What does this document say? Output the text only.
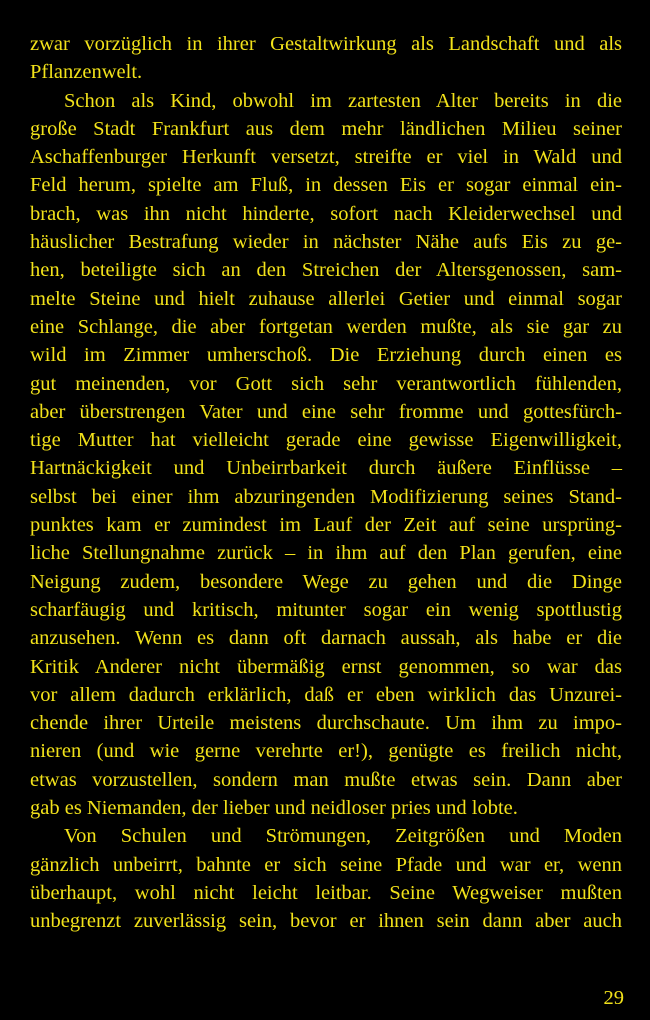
zwar vorzüglich in ihrer Gestaltwirkung als Landschaft und als
Pflanzenwelt.
Schon als Kind, obwohl im zartesten Alter bereits in die
große Stadt Frankfurt aus dem mehr ländlichen Milieu seiner
Aschaffenburger Herkunft versetzt, streifte er viel in Wald und
Feld herum, spielte am Fluß, in dessen Eis er sogar einmal ein-
brach, was ihn nicht hinderte, sofort nach Kleiderwechsel und
häuslicher Bestrafung wieder in nächster Nähe aufs Eis zu ge-
hen, beteiligte sich an den Streichen der Altersgenossen, sam-
melte Steine und hielt zuhause allerlei Getier und einmal sogar
eine Schlange, die aber fortgetan werden mußte, als sie gar zu
wild im Zimmer umherschoß. Die Erziehung durch einen es
gut meinenden, vor Gott sich sehr verantwortlich fühlenden,
aber überstrengen Vater und eine sehr fromme und gottesfürch-
tige Mutter hat vielleicht gerade eine gewisse Eigenwilligkeit,
Hartnäckigkeit und Unbeirrbarkeit durch äußere Einflüsse –
selbst bei einer ihm abzuringenden Modifizierung seines Stand-
punktes kam er zumindest im Lauf der Zeit auf seine ursprüng-
liche Stellungnahme zurück – in ihm auf den Plan gerufen, eine
Neigung zudem, besondere Wege zu gehen und die Dinge
scharfäugig und kritisch, mitunter sogar ein wenig spottlustig
anzusehen. Wenn es dann oft darnach aussah, als habe er die
Kritik Anderer nicht übermäßig ernst genommen, so war das
vor allem dadurch erklärlich, daß er eben wirklich das Unzurei-
chende ihrer Urteile meistens durchschaute. Um ihm zu impo-
nieren (und wie gerne verehrte er!), genügte es freilich nicht,
etwas vorzustellen, sondern man mußte etwas sein. Dann aber
gab es Niemanden, der lieber und neidloser pries und lobte.
Von Schulen und Strömungen, Zeitgrößen und Moden
gänzlich unbeirrt, bahnte er sich seine Pfade und war er, wenn
überhaupt, wohl nicht leicht leitbar. Seine Wegweiser mußten
unbegrenzt zuverlässig sein, bevor er ihnen sein dann aber auch
29
